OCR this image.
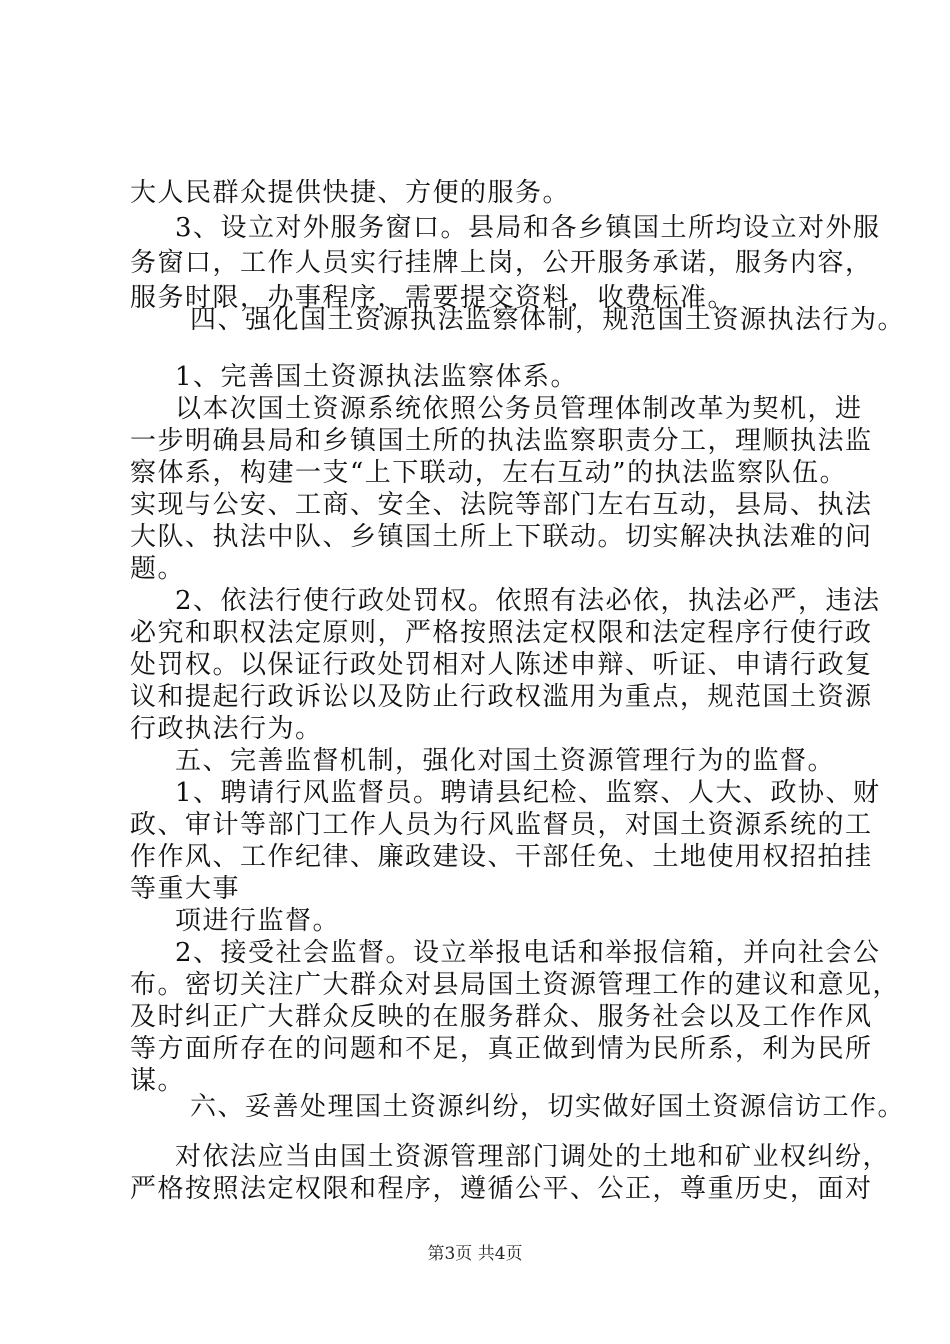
大人民群众提供快捷、方便的服务。
3、设立对外服务窗口。县局和各乡镇国土所均设立对外服
务窗口，工作人员实行挂牌上岗，公开服务承诺，服务内容，
服务时限，办事程序，需要提交资料，收费标准。
四、强化国土资源执法监察体制，规范国土资源执法行为。
1、完善国土资源执法监察体系。
以本次国土资源系统依照公务员管理体制改革为契机，进
一步明确县局和乡镇国土所的执法监察职责分工，理顺执法监
察体系，构建一支“上下联动，左右互动”的执法监察队伍。
实现与公安、工商、安全、法院等部门左右互动，县局、执法
大队、执法中队、乡镇国土所上下联动。切实解决执法难的问
题。
2、依法行使行政处罚权。依照有法必依，执法必严，违法
必究和职权法定原则，严格按照法定权限和法定程序行使行政
处罚权。以保证行政处罚相对人陈述申辩、听证、申请行政复
议和提起行政诉讼以及防止行政权滥用为重点，规范国土资源
行政执法行为。
五、完善监督机制，强化对国土资源管理行为的监督。
1、聘请行风监督员。聘请县纪检、监察、人大、政协、财
政、审计等部门工作人员为行风监督员，对国土资源系统的工
作作风、工作纪律、廉政建设、干部任免、土地使用权招拍挂
等重大事
项进行监督。
2、接受社会监督。设立举报电话和举报信箱，并向社会公
布。密切关注广大群众对县局国土资源管理工作的建议和意见，
及时纠正广大群众反映的在服务群众、服务社会以及工作作风
等方面所存在的问题和不足，真正做到情为民所系，利为民所
谋。
六、妥善处理国土资源纠纷，切实做好国土资源信访工作。
对依法应当由国土资源管理部门调处的土地和矿业权纠纷，
严格按照法定权限和程序，遵循公平、公正，尊重历史，面对
第3页 共4页
